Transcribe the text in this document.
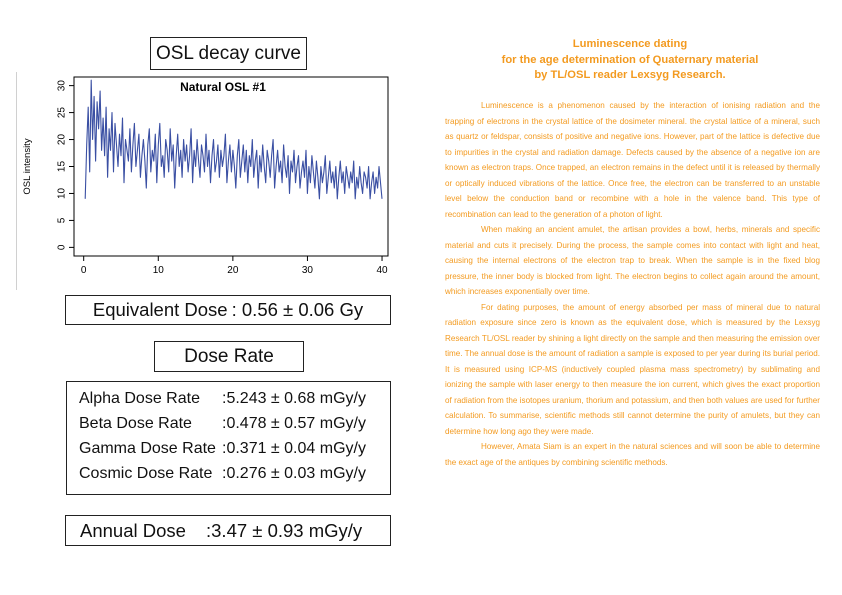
OSL decay curve
Natural OSL #1
0	10	20	30	40
0
5
10
15
20
25
30
OSL intensity
Equivalent Dose : 0.56 ± 0.06 Gy
Dose Rate
Alpha Dose Rate :5.243 ± 0.68 mGy/y
Beta Dose Rate :0.478 ± 0.57 mGy/y
Gamma Dose Rate :0.371 ± 0.04 mGy/y
Cosmic Dose Rate :0.276 ± 0.03 mGy/y
Annual Dose	:3.47 ± 0.93 mGy/y
Luminescence dating
for the age determination of Quaternary material
by TL/OSL reader Lexsyg Research.

Luminescence is a phenomenon caused by the interaction of ionising radiation and the trapping of electrons in the crystal lattice of the dosimeter mineral. the crystal lattice of a mineral, such as quartz or feldspar, consists of positive and negative ions. However, part of the lattice is defective due to impurities in the crystal and radiation damage. Defects caused by the absence of a negative ion are known as electron traps. Once trapped, an electron remains in the defect until it is released by thermally or optically induced vibrations of the lattice. Once free, the electron can be transferred to an unstable level below the conduction band or recombine with a hole in the valence band. This type of recombination can lead to the generation of a photon of light.

When making an ancient amulet, the artisan provides a bowl, herbs, minerals and specific material and cuts it precisely. During the process, the sample comes into contact with light and heat, causing the internal electrons of the electron trap to break. When the sample is in the fixed blog pressure, the inner body is blocked from light. The electron begins to collect again around the amount, which increases exponentially over time.

For dating purposes, the amount of energy absorbed per mass of mineral due to natural radiation exposure since zero is known as the equivalent dose, which is measured by the Lexsyg Research TL/OSL reader by shining a light directly on the sample and then measuring the emission over time. The annual dose is the amount of radiation a sample is exposed to per year during its burial period. It is measured using ICP-MS (inductively coupled plasma mass spectrometry) by sublimating and ionizing the sample with laser energy to then measure the ion current, which gives the exact proportion of radiation from the isotopes uranium, thorium and potassium, and then both values are used for further calculation. To summarise, scientific methods still cannot determine the purity of amulets, but they can determine how long ago they were made.

However, Amata Siam is an expert in the natural sciences and will soon be able to determine the exact age of the antiques by combining scientific methods.
